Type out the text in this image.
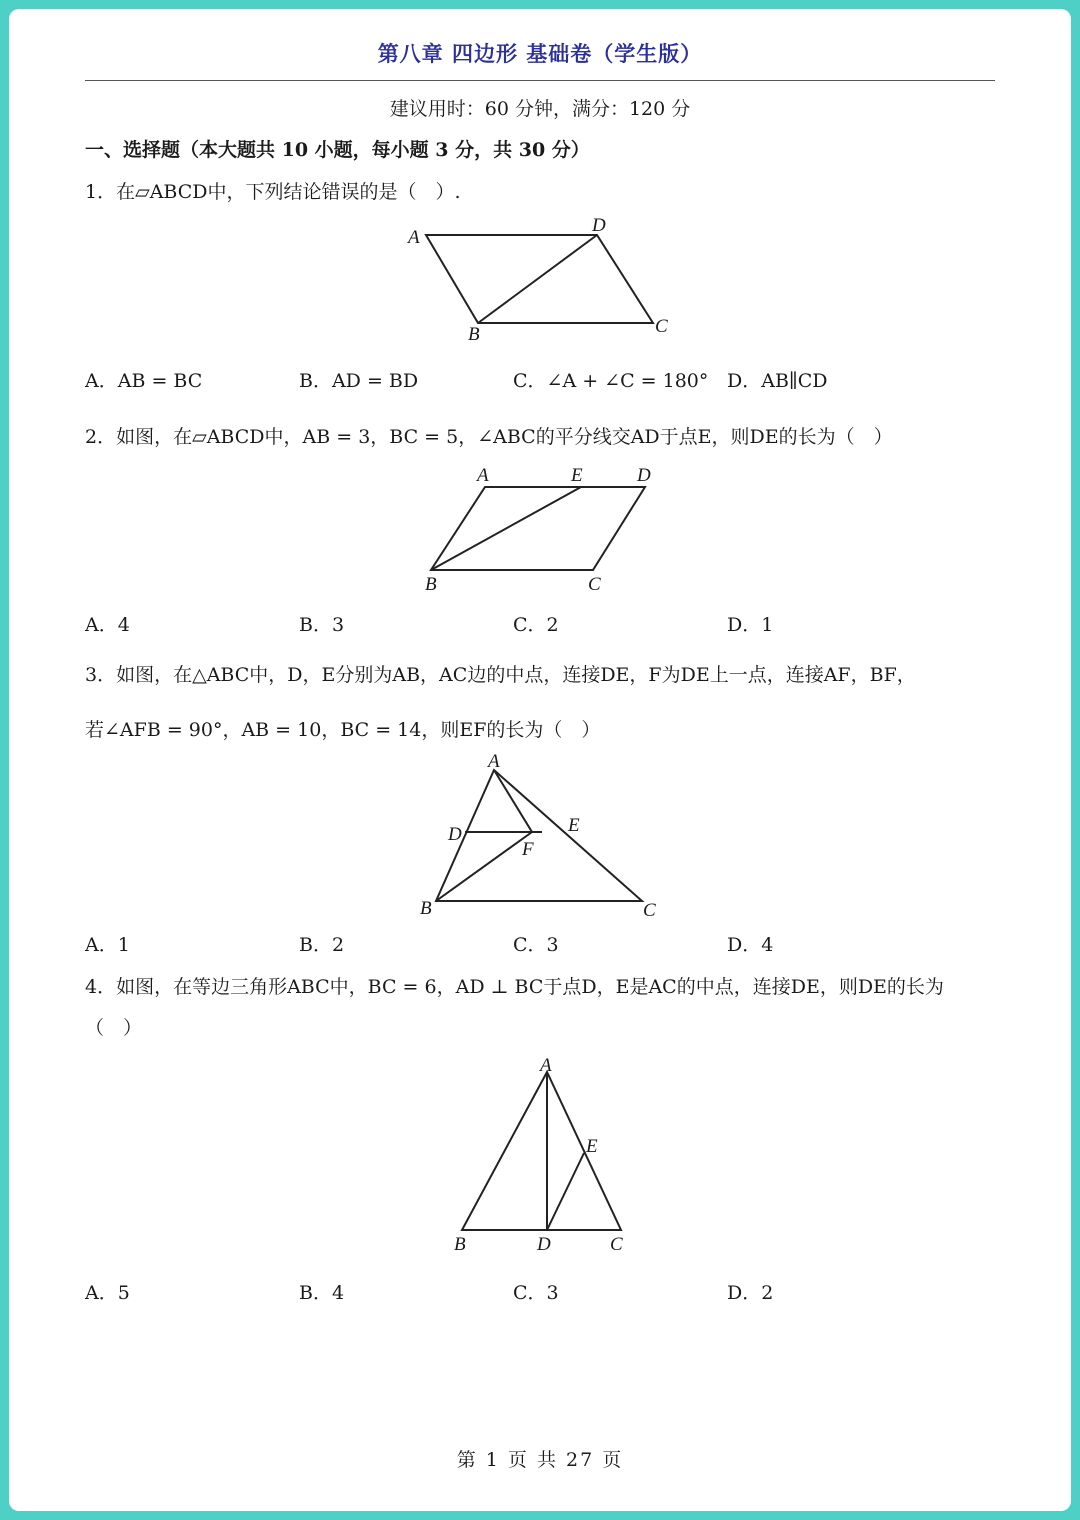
第八章 四边形 基础卷（学生版）
建议用时：60 分钟，满分：120 分
一、选择题（本大题共 10 小题，每小题 3 分，共 30 分）
1．在▱ABCD中，下列结论错误的是（　）.
A
B	C
D
A．AB = BC	B．AD = BD	C．∠A + ∠C = 180° D．AB∥CD
2．如图，在▱ABCD中，AB = 3，BC = 5，∠ABC的平分线交AD于点E，则DE的长为（　）
A	E	D
B	C
A．4	B．3	C．2	D．1
3．如图，在△ABC中，D，E分别为AB，AC边的中点，连接DE，F为DE上一点，连接AF，BF，
若∠AFB = 90°，AB = 10，BC = 14，则EF的长为（　）
A
D	E
F
B	C
A．1	B．2	C．3	D．4
4．如图，在等边三角形ABC中，BC = 6，AD ⊥ BC于点D，E是AC的中点，连接DE，则DE的长为
（　）
A
E
B	D	C
A．5	B．4	C．3	D．2
第 1 页 共 27 页
